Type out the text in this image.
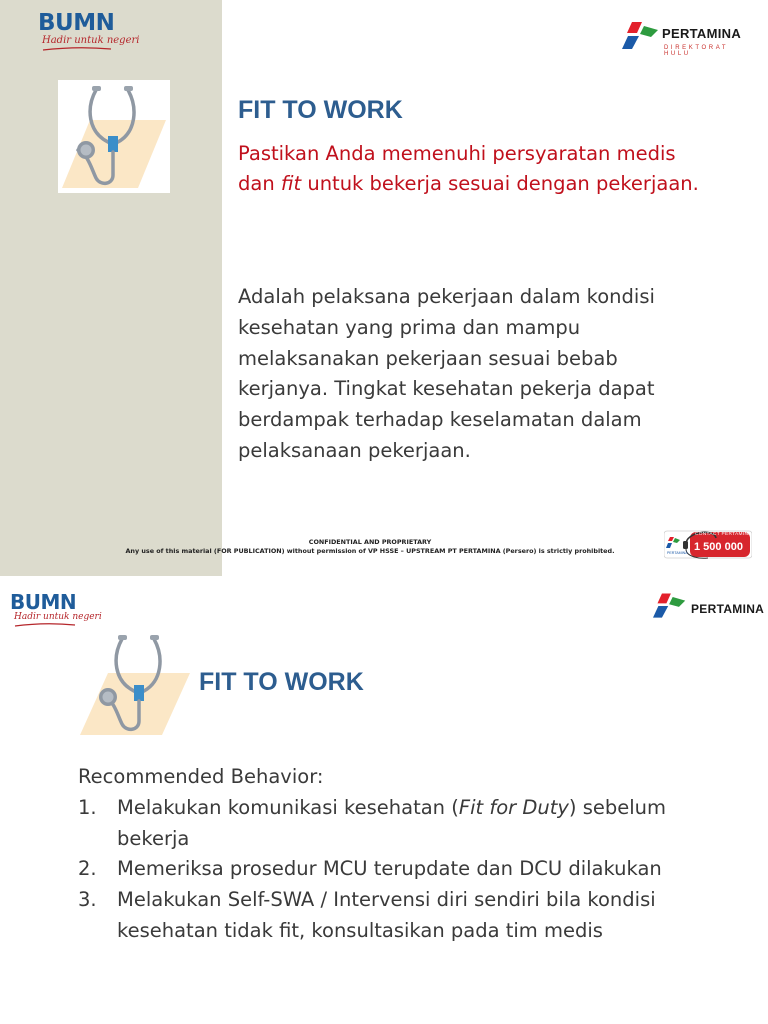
BUMN
Hadir untuk negeri	PERTAMINA
DIREKTORAT HULU
FIT TO WORK
Pastikan Anda memenuhi persyaratan medis dan fit untuk bekerja sesuai dengan pekerjaan.
Adalah pelaksana pekerjaan dalam kondisi kesehatan yang prima dan mampu melaksanakan pekerjaan sesuai bebab kerjanya. Tingkat kesehatan pekerja dapat berdampak terhadap keselamatan dalam pelaksanaan pekerjaan.
CONFIDENTIAL AND PROPRIETARY
Any use of this material (FOR PUBLICATION) without permission of VP HSSE – UPSTREAM PT PERTAMINA (Persero) is strictly prohibited.	PERTAMINA
CONTACT PERTAMINA
1 500 000
BUMN
Hadir untuk negeri
PERTAMINA
FIT TO WORK
Recommended Behavior:
1. Melakukan komunikasi kesehatan (Fit for Duty) sebelum bekerja
2. Memeriksa prosedur MCU terupdate dan DCU dilakukan
3. Melakukan Self-SWA / Intervensi diri sendiri bila kondisi kesehatan tidak fit, konsultasikan pada tim medis
